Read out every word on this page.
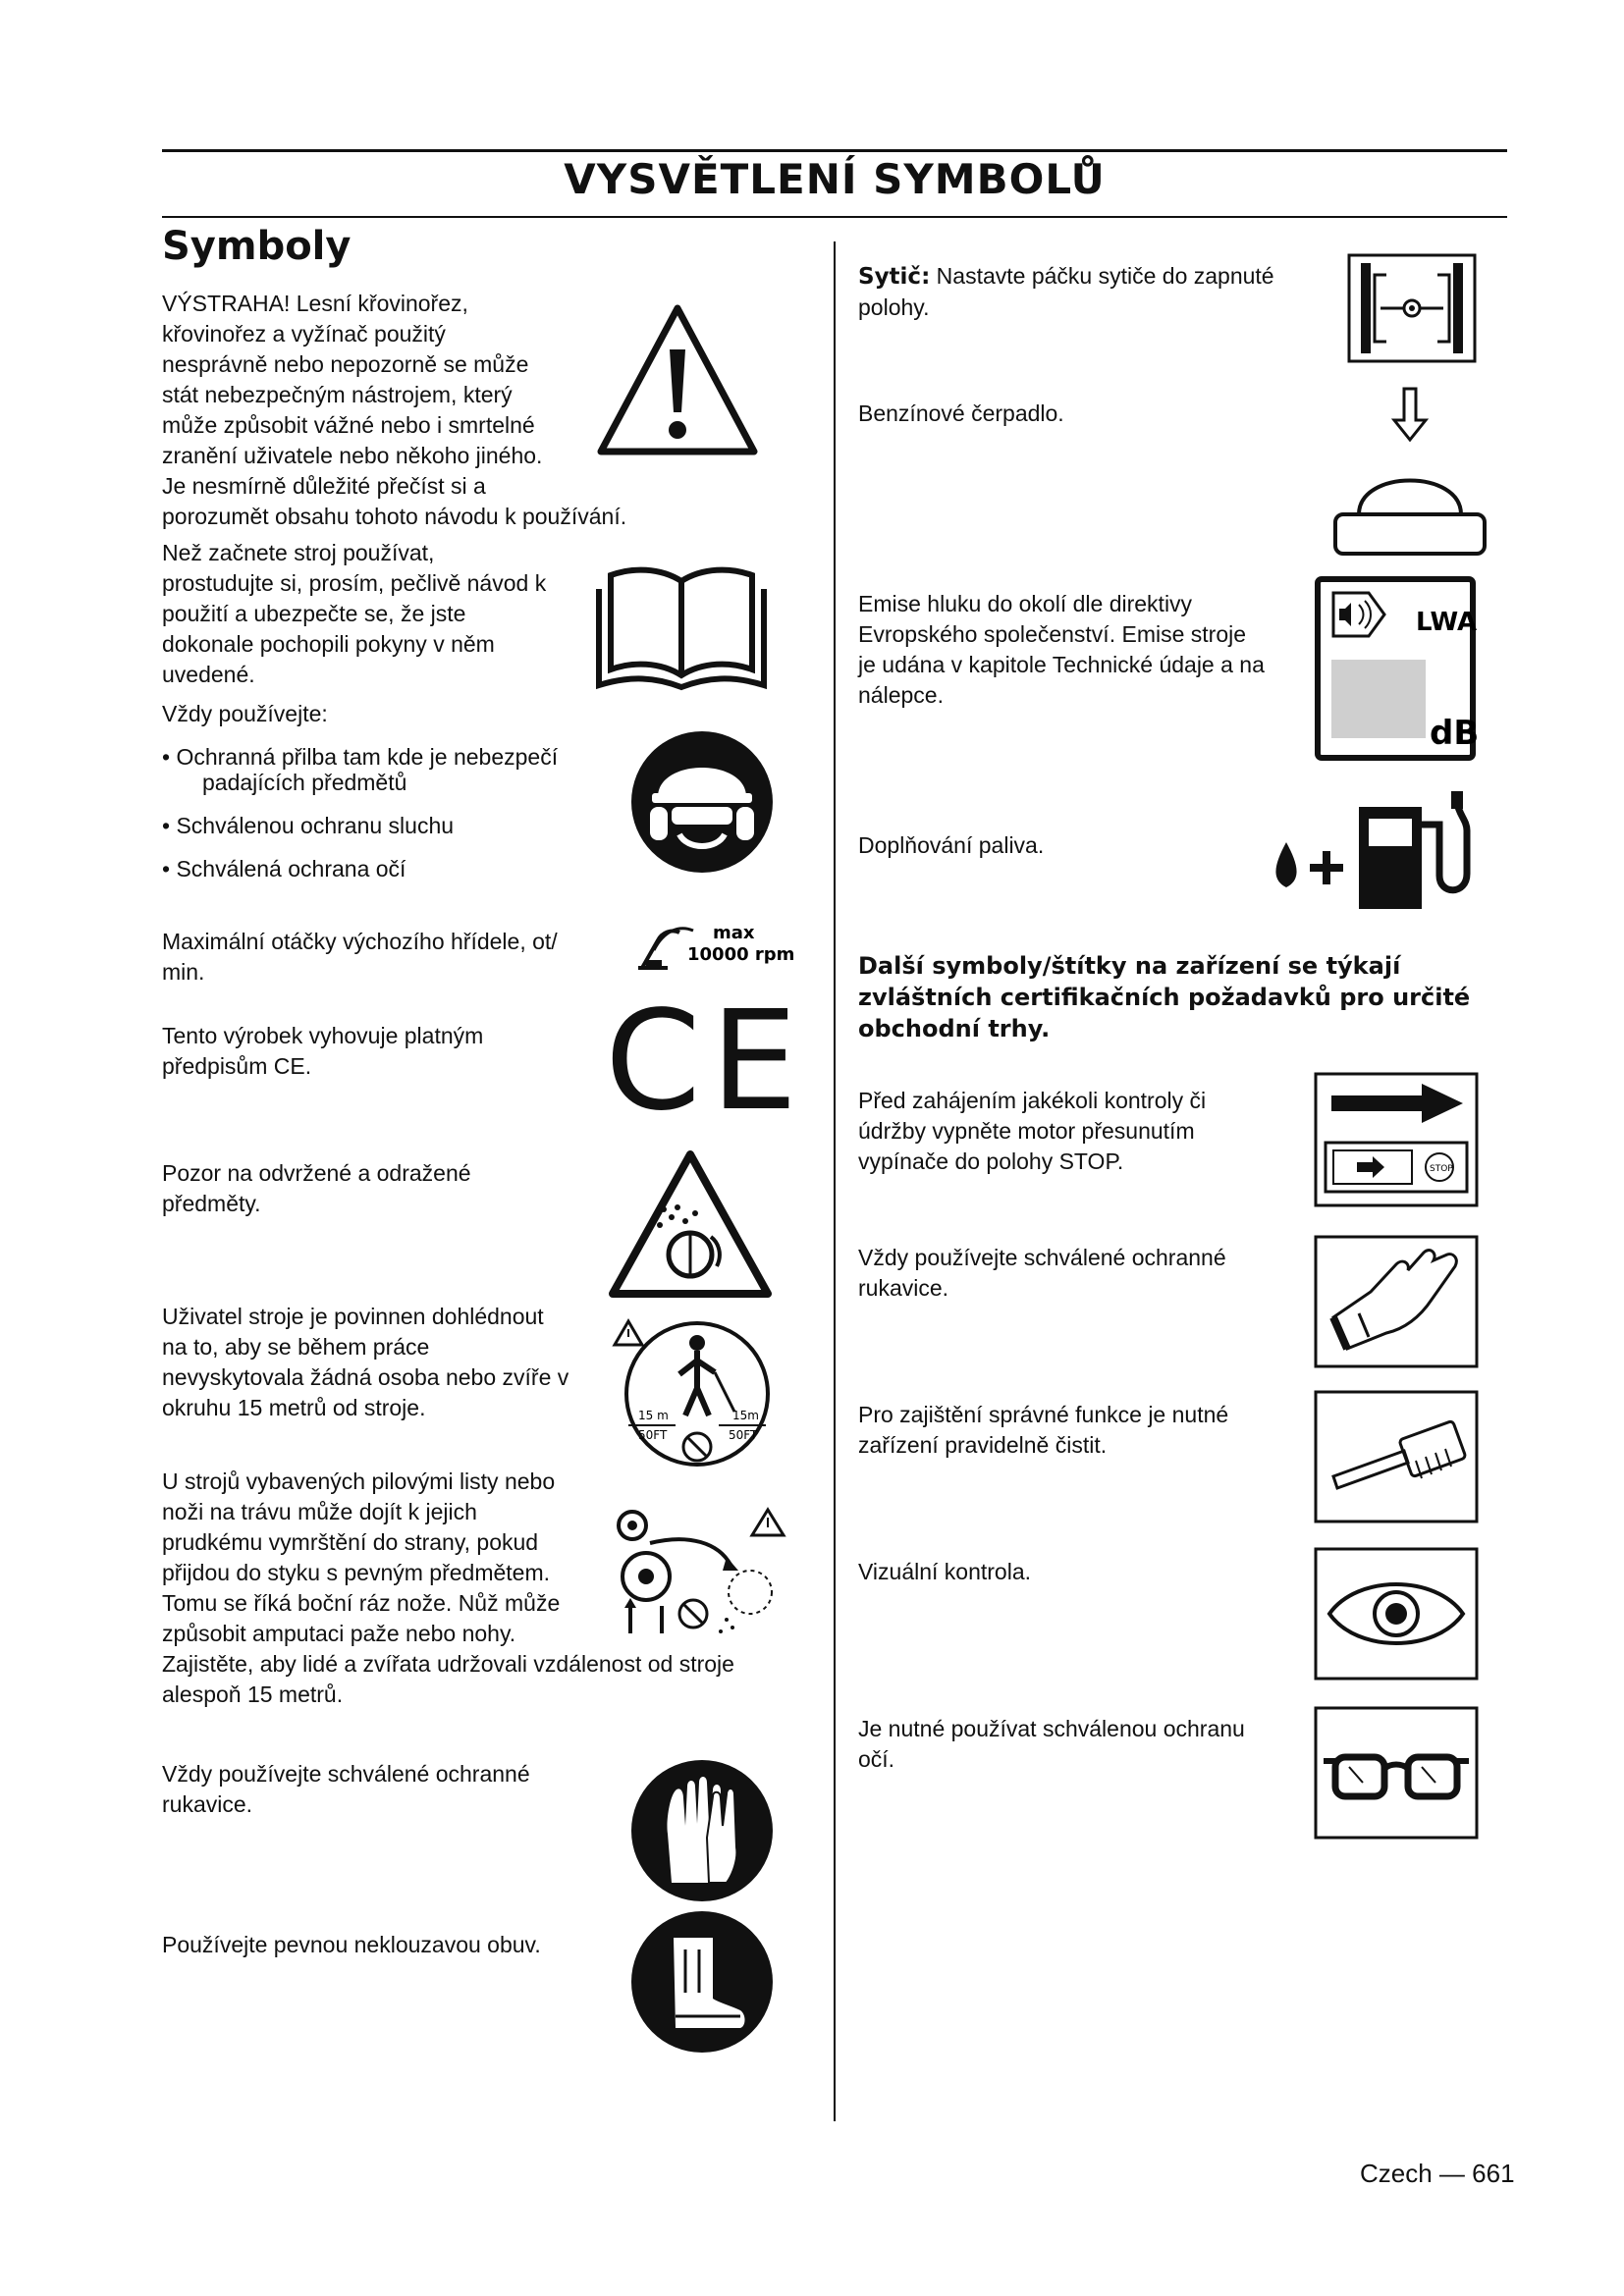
VYSVĚTLENÍ SYMBOLŮ
Symboly

VÝSTRAHA! Lesní křovinořez,

křovinořez a vyžínač použitý

nesprávně nebo nepozorně se může

stát nebezpečným nástrojem, který

může způsobit vážné nebo i smrtelné

zranění uživatele nebo někoho jiného.

Je nesmírně důležité přečíst si a

porozumět obsahu tohoto návodu k používání.

Než začnete stroj používat,

prostudujte si, prosím, pečlivě návod k

použití a ubezpečte se, že jste

dokonale pochopili pokyny v něm

uvedené.

Vždy používejte:
• Ochranná přilba tam kde je nebezpečí
padajících předmětů
• Schválenou ochranu sluchu
• Schválená ochrana očí

Maximální otáčky výchozího hřídele, ot/

min.

max
10000 rpm

Tento výrobek vyhovuje platným

předpisům CE.	CE

Pozor na odvržené a odražené

předměty.

Uživatel stroje je povinnen dohlédnout

na to, aby se během práce

nevyskytovala žádná osoba nebo zvíře v

okruhu 15 metrů od stroje.	15 m
50FT
15m
50FT

U strojů vybavených pilovými listy nebo

noži na trávu může dojít k jejich

prudkému vymrštění do strany, pokud

přijdou do styku s pevným předmětem.

Tomu se říká boční ráz nože. Nůž může

způsobit amputaci paže nebo nohy.

Zajistěte, aby lidé a zvířata udržovali vzdálenost od stroje

alespoň 15 metrů.

Vždy používejte schválené ochranné

rukavice.

Používejte pevnou neklouzavou obuv.

Sytič: Nastavte páčku sytiče do zapnuté

polohy.

Benzínové čerpadlo.

Emise hluku do okolí dle direktivy

Evropského společenství. Emise stroje

je udána v kapitole Technické údaje a na

nálepce.

LWA
dB
Doplňování paliva.

Další symboly/štítky na zařízení se týkají

zvláštních certifikačních požadavků pro určité

obchodní trhy.

Před zahájením jakékoli kontroly či

údržby vypněte motor přesunutím

vypínače do polohy STOP.	STOP

Vždy používejte schválené ochranné

rukavice.

Pro zajištění správné funkce je nutné

zařízení pravidelně čistit.

Vizuální kontrola.

Je nutné používat schválenou ochranu

očí.

Czech — 661
